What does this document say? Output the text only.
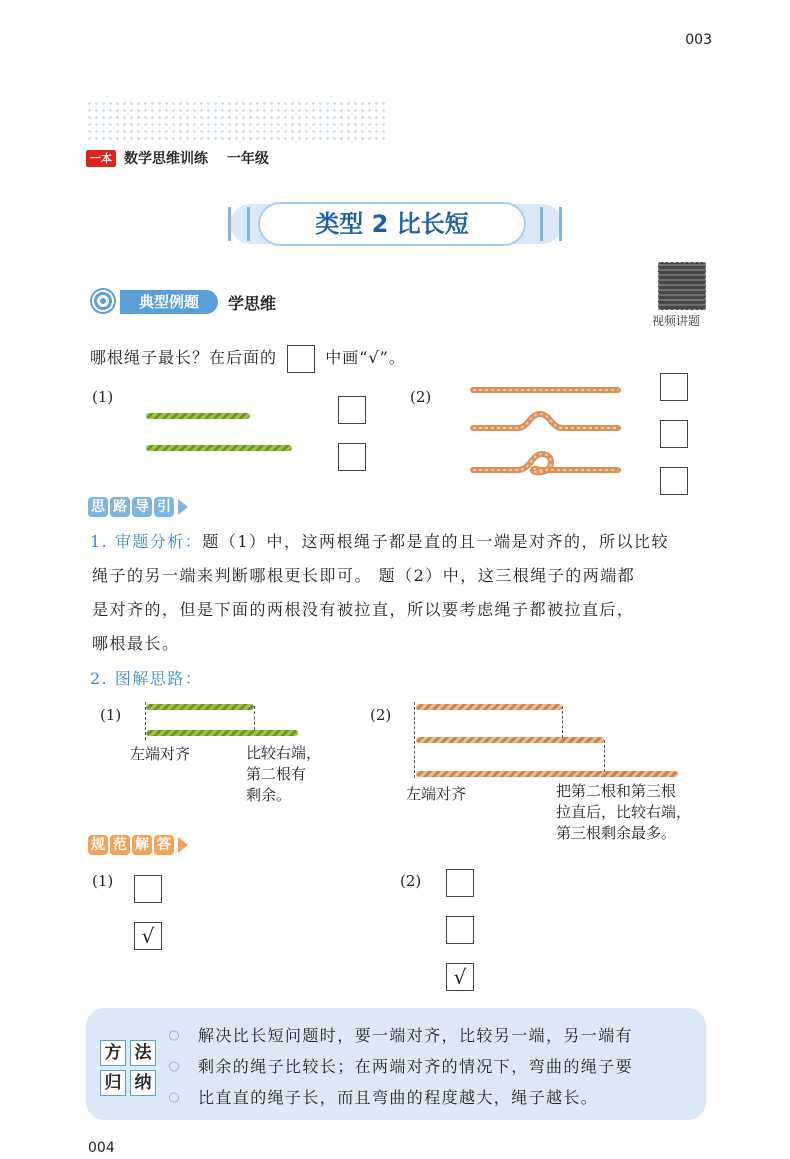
003
一本 数学思维训练 一年级
类型 2 比长短
典型例题	学思维
视频讲题
哪根绳子最长？在后面的	中画“√”。
(1)	(2)
思 路 导 引
1. 审题分析：题（1）中，这两根绳子都是直的且一端是对齐的，所以比较
绳子的另一端来判断哪根更长即可。 题（2）中，这三根绳子的两端都
是对齐的，但是下面的两根没有被拉直，所以要考虑绳子都被拉直后，
哪根最长。
2. 图解思路：
(1)
左端对齐	比较右端，
第二根有
剩余。
(2)
左端对齐	把第二根和第三根
拉直后，比较右端，
第三根剩余最多。
规 范 解 答
(1)
√
(2)
√
方 法
归 纳
解决比长短问题时，要一端对齐，比较另一端，另一端有
剩余的绳子比较长；在两端对齐的情况下，弯曲的绳子要
比直直的绳子长，而且弯曲的程度越大，绳子越长。
004
